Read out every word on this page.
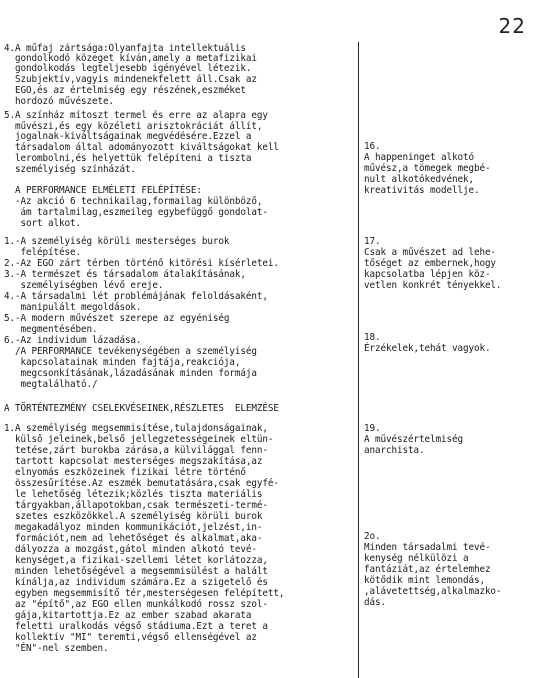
22
4.A műfaj zártsága:Olyanfajta intellektuális
gondolkodó közeget kíván,amely a metafizikai
gondolkodás legteljesebb igényével létezik.
Szubjektív,vagyis mindenekfelett áll.Csak az
EGO,és az értelmiség egy részének,eszméket
hordozó művészete.
5.A színház mítoszt termel és erre az alapra egy
művészi,és egy közéleti arisztokráciát állít,
jogalnak-kiváltságainak megvédésére.Ezzel a
társadalom által adományozott kiváltságokat kell
lerombolni,és helyettük felépíteni a tiszta
személyiség színházát.
A PERFORMANCE ELMÉLETI FELÉPÍTÉSE:
-Az akció 6 technikailag,formailag különböző,
ám tartalmilag,eszmeileg egybefüggő gondolat-
sort alkot.
1.-A személyiség körüli mesterséges burok
felépítése.
2.-Az EGO zárt térben történő kitörési kísérletei.
3.-A természet és társadalom átalakításának,
személyiségben lévő ereje.
4.-A társadalmi lét problémájának feloldásaként,
manipulált megoldások.
5.-A modern művészet szerepe az egyéniség
megmentésében.
6.-Az individum lázadása.
/A PERFORMANCE tevékenységében a személyiség
kapcsolatainak minden fajtája,reakciója,
megcsonkításának,lázadásának minden formája
megtalálható./
A TÖRTÉNTEZMÉNY CSELEKVÉSEINEK,RÉSZLETES  ELEMZÉSE
1.A személyiség megsemmisítése,tulajdonságainak,
külső jeleinek,belső jellegzetességeinek eltün-
tetése,zárt burokba zárása,a külvilággal fenn-
tartott kapcsolat mesterséges megszakítása,az
elnyomás eszközeinek fizikai létre történő
összesűrítése.Az eszmék bemutatására,csak egyfé-
le lehetőség létezik;közlés tiszta materiális
tárgyakban,állapotokban,csak természeti-termé-
szetes eszközökkel.A személyiség körüli burok
megakadályoz minden kommunikációt,jelzést,in-
formációt,nem ad lehetőséget és alkalmat,aka-
dályozza a mozgást,gátol minden alkotó tevé-
kenységet,a fizikai-szellemi létet korlátozza,
minden lehetőségével a megsemmisülést a halált
kínálja,az individum számára.Ez a szigetelő és
egyben megsemmisítő tér,mesterségesen felépített,
az "építő",az EGO ellen munkálkodó rossz szol-
gája,kitartottja.Ez az ember szabad akarata
feletti uralkodás végső stádiuma.Ezt a teret a
kollektív "MI" teremti,végső ellenségével az
"ÉN"-nel szemben.
16.
A happeninget alkotó
művész,a tömegek megbé-
nult alkotókedvének,
kreativitás modellje.
17.
Csak a művészet ad lehe-
tőséget az embernek,hogy
kapcsolatba lépjen köz-
vetlen konkrét tényekkel.
18.
Érzékelek,tehát vagyok.
19.
A művészértelmiség
anarchista.
2o.
Minden társadalmi tevé-
kenység nélkülözi a
fantáziát,az értelemhez
kötődik mint lemondás,
,alávetettség,alkalmazko-
dás.
